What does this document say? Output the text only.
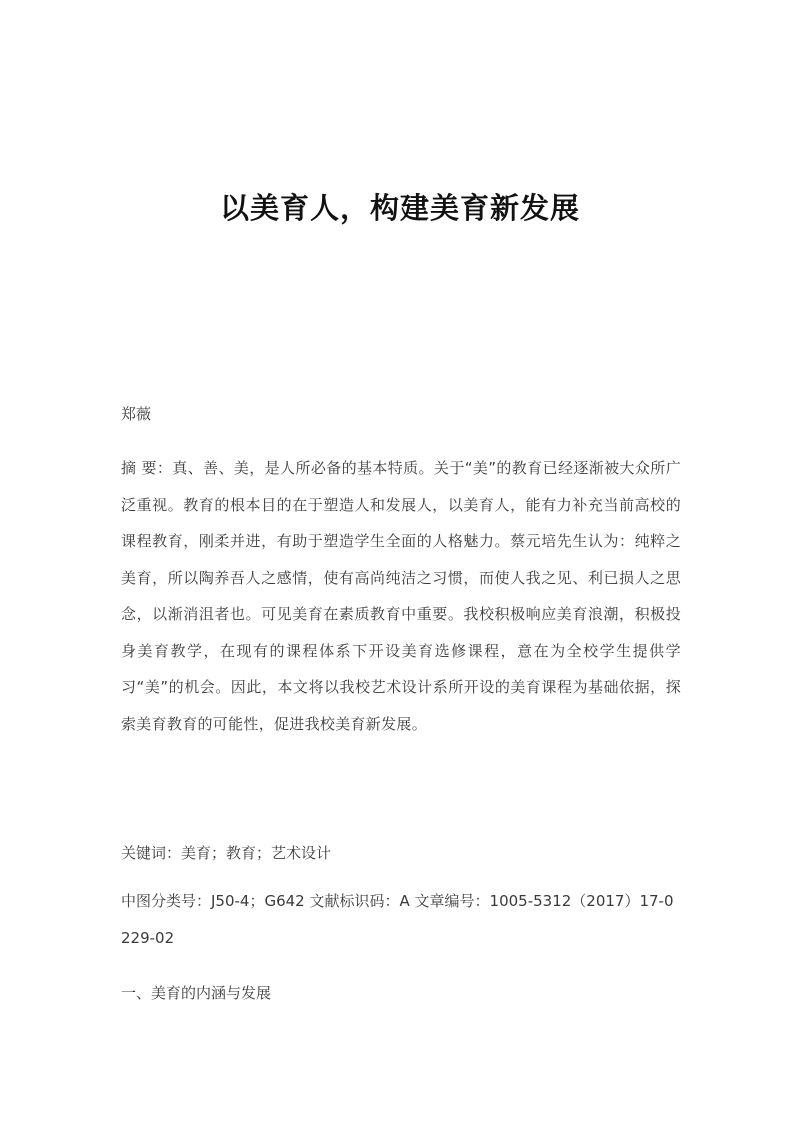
以美育人，构建美育新发展

郑薇

摘 要：真、善、美，是人所必备的基本特质。关于“美”的教育已经逐渐被大众所广泛重视。教育的根本目的在于塑造人和发展人，以美育人，能有力补充当前高校的课程教育，刚柔并进，有助于塑造学生全面的人格魅力。蔡元培先生认为：纯粹之美育，所以陶养吾人之感情，使有高尚纯洁之习惯，而使人我之见、利已损人之思念，以渐消沮者也。可见美育在素质教育中重要。我校积极响应美育浪潮，积极投身美育教学，在现有的课程体系下开设美育选修课程，意在为全校学生提供学习“美”的机会。因此，本文将以我校艺术设计系所开设的美育课程为基础依据，探索美育教育的可能性，促进我校美育新发展。

关键词：美育；教育；艺术设计

中图分类号：J50-4；G642 文献标识码：A 文章编号：1005-5312（2017）17-0229-02

一、美育的内涵与发展
